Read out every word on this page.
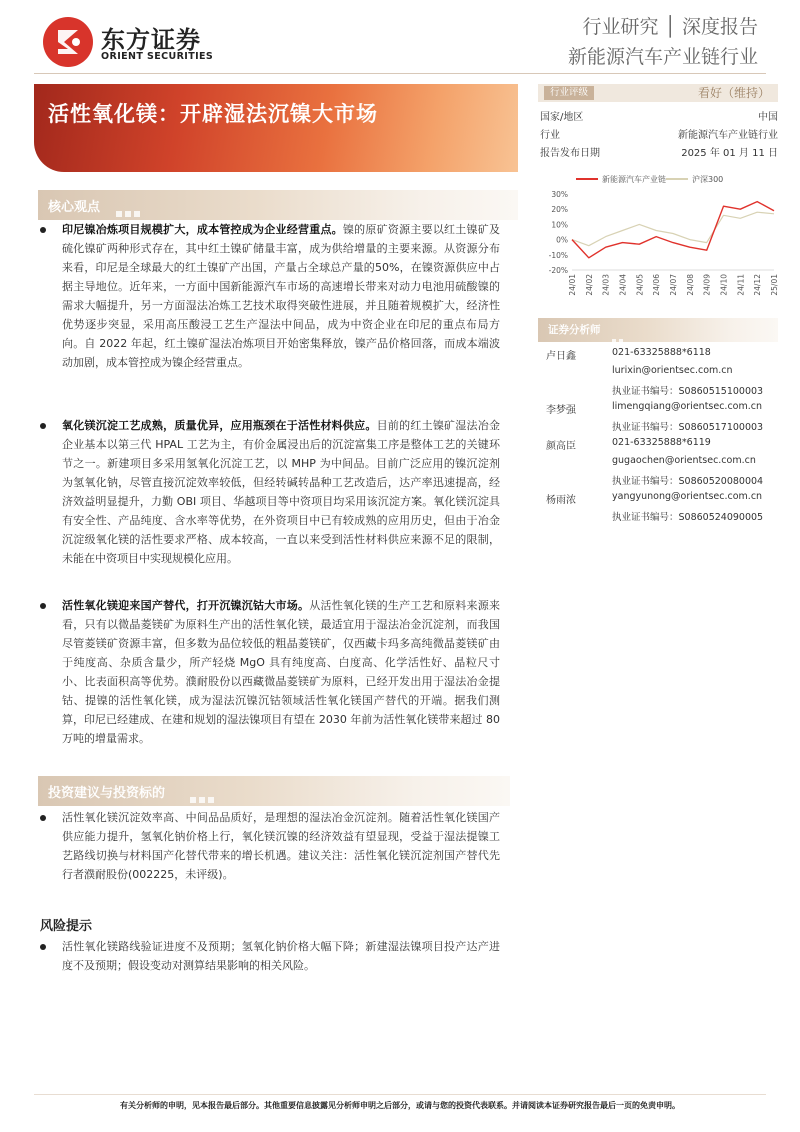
东方证券
ORIENT SECURITIES
行业研究 │ 深度报告
新能源汽车产业链行业
活性氧化镁：开辟湿法沉镍大市场
核心观点
印尼镍冶炼项目规模扩大，成本管控成为企业经营重点。镍的原矿资源主要以红土镍矿及硫化镍矿两种形式存在，其中红土镍矿储量丰富，成为供给增量的主要来源。从资源分布来看，印尼是全球最大的红土镍矿产出国，产量占全球总产量的50%，在镍资源供应中占据主导地位。近年来，一方面中国新能源汽车市场的高速增长带来对动力电池用硫酸镍的需求大幅提升，另一方面湿法冶炼工艺技术取得突破性进展，并且随着规模扩大，经济性优势逐步突显，采用高压酸浸工艺生产湿法中间品，成为中资企业在印尼的重点布局方向。自 2022 年起，红土镍矿湿法冶炼项目开始密集释放，镍产品价格回落，而成本端波动加剧，成本管控成为镍企经营重点。
氧化镁沉淀工艺成熟，质量优异，应用瓶颈在于活性材料供应。目前的红土镍矿湿法冶金企业基本以第三代 HPAL 工艺为主，有价金属浸出后的沉淀富集工序是整体工艺的关键环节之一。新建项目多采用氢氧化沉淀工艺，以 MHP 为中间品。目前广泛应用的镍沉淀剂为氢氧化钠，尽管直接沉淀效率较低，但经转碱转晶种工艺改造后，达产率迅速提高，经济效益明显提升，力勤 OBI 项目、华越项目等中资项目均采用该沉淀方案。氧化镁沉淀具有安全性、产品纯度、含水率等优势，在外资项目中已有较成熟的应用历史，但由于冶金沉淀级氧化镁的活性要求严格、成本较高，一直以来受到活性材料供应来源不足的限制，未能在中资项目中实现规模化应用。
活性氧化镁迎来国产替代，打开沉镍沉钴大市场。从活性氧化镁的生产工艺和原料来源来看，只有以微晶菱镁矿为原料生产出的活性氧化镁，最适宜用于湿法冶金沉淀剂，而我国尽管菱镁矿资源丰富，但多数为品位较低的粗晶菱镁矿，仅西藏卡玛多高纯微晶菱镁矿由于纯度高、杂质含量少，所产轻烧 MgO 具有纯度高、白度高、化学活性好、晶粒尺寸小、比表面积高等优势。濮耐股份以西藏微晶菱镁矿为原料，已经开发出用于湿法冶金提钴、提镍的活性氧化镁，成为湿法沉镍沉钴领域活性氧化镁国产替代的开端。据我们测算，印尼已经建成、在建和规划的湿法镍项目有望在 2030 年前为活性氧化镁带来超过 80 万吨的增量需求。
投资建议与投资标的
活性氧化镁沉淀效率高、中间品品质好，是理想的湿法冶金沉淀剂。随着活性氧化镁国产供应能力提升，氢氧化钠价格上行，氧化镁沉镍的经济效益有望显现，受益于湿法提镍工艺路线切换与材料国产化替代带来的增长机遇。建议关注：活性氧化镁沉淀剂国产替代先行者濮耐股份(002225，未评级)。
风险提示
活性氧化镁路线验证进度不及预期；氢氧化钠价格大幅下降；新建湿法镍项目投产达产进度不及预期；假设变动对测算结果影响的相关风险。
行业评级	看好（维持）
国家/地区	中国
行业	新能源汽车产业链行业
报告发布日期	2025 年 01 月 11 日
新能源汽车产业链	沪深300
30%
20%
10%
0%
-10%
-20%
24/01 24/02 24/03 24/04 24/05 24/06 24/07 24/08 24/09 24/10 24/11 24/12 25/01
证券分析师
卢日鑫	021-63325888*6118
lurixin@orientsec.com.cn
执业证书编号：S0860515100003
李梦强	limengqiang@orientsec.com.cn
执业证书编号：S0860517100003
颜高臣	021-63325888*6119
gugaochen@orientsec.com.cn
执业证书编号：S0860520080004
杨雨浓	yangyunong@orientsec.com.cn
执业证书编号：S0860524090005
有关分析师的申明，见本报告最后部分。其他重要信息披露见分析师申明之后部分，或请与您的投资代表联系。并请阅读本证券研究报告最后一页的免责申明。
